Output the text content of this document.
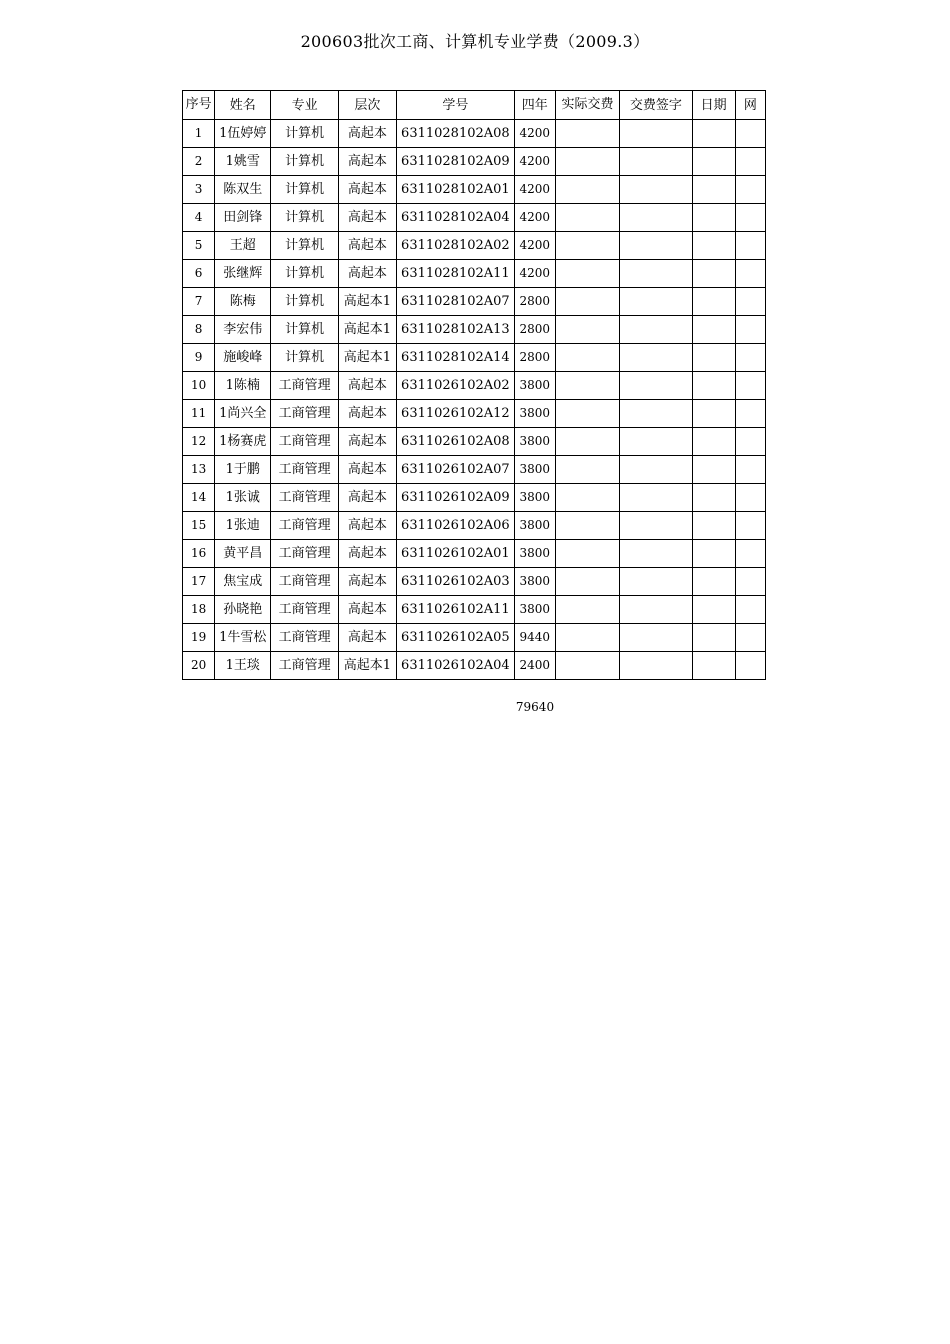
200603批次工商、计算机专业学费（2009.3）
序号	姓名	专业	层次	学号	四年	实际交费	交费签字	日期	网
1	1伍婷婷	计算机	高起本	6311028102A08	4200				
2	1姚雪	计算机	高起本	6311028102A09	4200				
3	陈双生	计算机	高起本	6311028102A01	4200				
4	田剑锋	计算机	高起本	6311028102A04	4200				
5	王超	计算机	高起本	6311028102A02	4200				
6	张继辉	计算机	高起本	6311028102A11	4200				
7	陈梅	计算机	高起本1	6311028102A07	2800				
8	李宏伟	计算机	高起本1	6311028102A13	2800				
9	施峻峰	计算机	高起本1	6311028102A14	2800				
10	1陈楠	工商管理	高起本	6311026102A02	3800				
11	1尚兴全	工商管理	高起本	6311026102A12	3800				
12	1杨赛虎	工商管理	高起本	6311026102A08	3800				
13	1于鹏	工商管理	高起本	6311026102A07	3800				
14	1张诚	工商管理	高起本	6311026102A09	3800				
15	1张迪	工商管理	高起本	6311026102A06	3800				
16	黄平昌	工商管理	高起本	6311026102A01	3800				
17	焦宝成	工商管理	高起本	6311026102A03	3800				
18	孙晓艳	工商管理	高起本	6311026102A11	3800				
19	1牛雪松	工商管理	高起本	6311026102A05	9440				
20	1王琰	工商管理	高起本1	6311026102A04	2400				
79640
